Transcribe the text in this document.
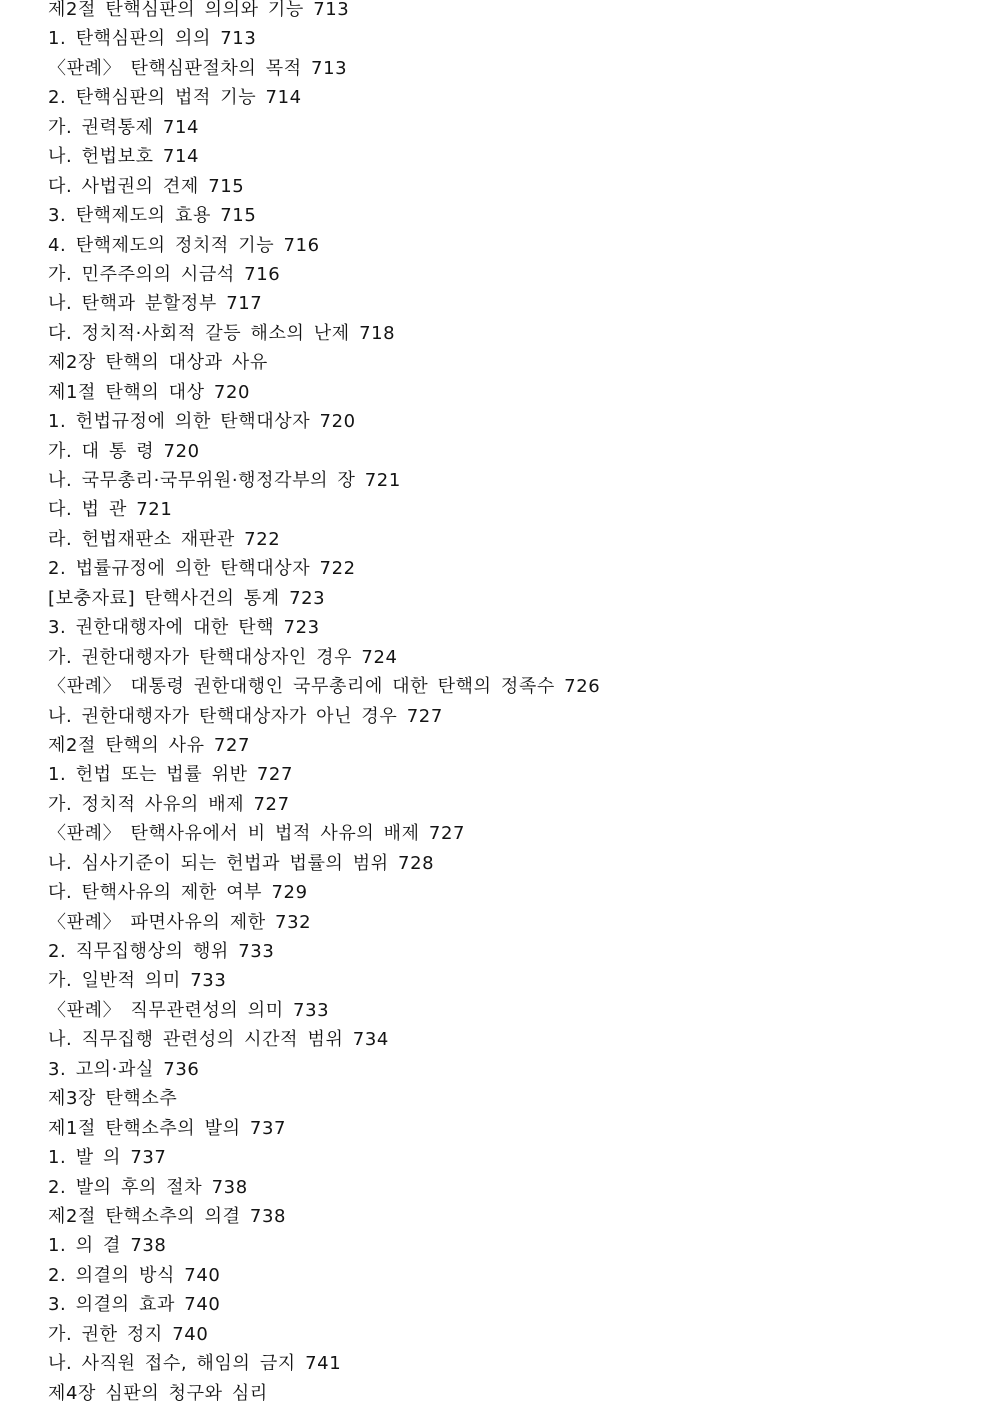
제2절 탄핵심판의 의의와 기능 713
1. 탄핵심판의 의의 713
〈판례〉 탄핵심판절차의 목적 713
2. 탄핵심판의 법적 기능 714
가. 권력통제 714
나. 헌법보호 714
다. 사법권의 견제 715
3. 탄핵제도의 효용 715
4. 탄핵제도의 정치적 기능 716
가. 민주주의의 시금석 716
나. 탄핵과 분할정부 717
다. 정치적·사회적 갈등 해소의 난제 718
제2장 탄핵의 대상과 사유
제1절 탄핵의 대상 720
1. 헌법규정에 의한 탄핵대상자 720
가. 대 통 령 720
나. 국무총리·국무위원·행정각부의 장 721
다. 법 관 721
라. 헌법재판소 재판관 722
2. 법률규정에 의한 탄핵대상자 722
[보충자료] 탄핵사건의 통계 723
3. 권한대행자에 대한 탄핵 723
가. 권한대행자가 탄핵대상자인 경우 724
〈판례〉 대통령 권한대행인 국무총리에 대한 탄핵의 정족수 726
나. 권한대행자가 탄핵대상자가 아닌 경우 727
제2절 탄핵의 사유 727
1. 헌법 또는 법률 위반 727
가. 정치적 사유의 배제 727
〈판례〉 탄핵사유에서 비 법적 사유의 배제 727
나. 심사기준이 되는 헌법과 법률의 범위 728
다. 탄핵사유의 제한 여부 729
〈판례〉 파면사유의 제한 732
2. 직무집행상의 행위 733
가. 일반적 의미 733
〈판례〉 직무관련성의 의미 733
나. 직무집행 관련성의 시간적 범위 734
3. 고의·과실 736
제3장 탄핵소추
제1절 탄핵소추의 발의 737
1. 발 의 737
2. 발의 후의 절차 738
제2절 탄핵소추의 의결 738
1. 의 결 738
2. 의결의 방식 740
3. 의결의 효과 740
가. 권한 정지 740
나. 사직원 접수, 해임의 금지 741
제4장 심판의 청구와 심리
